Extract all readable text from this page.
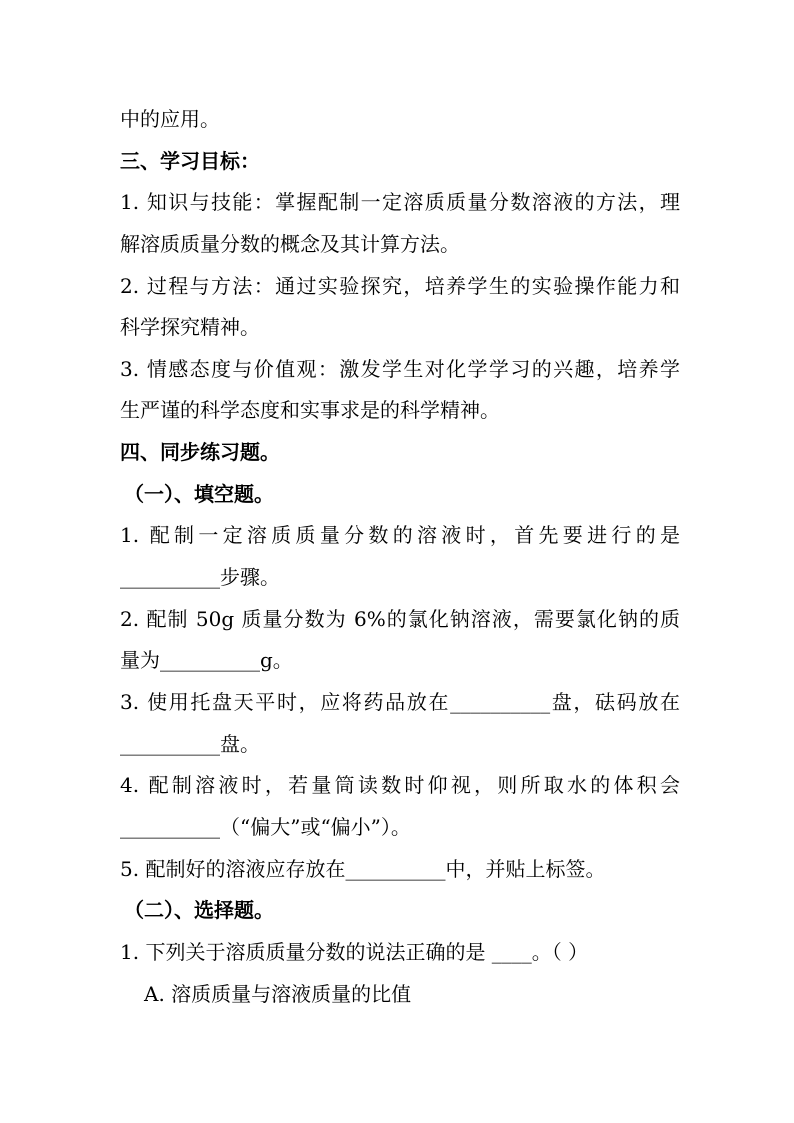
中的应用。
三、学习目标：
1. 知识与技能：掌握配制一定溶质质量分数溶液的方法，理
解溶质质量分数的概念及其计算方法。
2. 过程与方法：通过实验探究，培养学生的实验操作能力和
科学探究精神。
3. 情感态度与价值观：激发学生对化学学习的兴趣，培养学
生严谨的科学态度和实事求是的科学精神。
四、同步练习题。
（一）、填空题。
1. 配制一定溶质质量分数的溶液时，首先要进行的是
__________步骤。
2. 配制 50g 质量分数为 6%的氯化钠溶液，需要氯化钠的质
量为__________g。
3. 使用托盘天平时，应将药品放在__________盘，砝码放在
__________盘。
4. 配制溶液时，若量筒读数时仰视，则所取水的体积会
__________（“偏大”或“偏小”）。
5. 配制好的溶液应存放在__________中，并贴上标签。
（二）、选择题。
1. 下列关于溶质质量分数的说法正确的是 ____。（ ）
A. 溶质质量与溶液质量的比值
